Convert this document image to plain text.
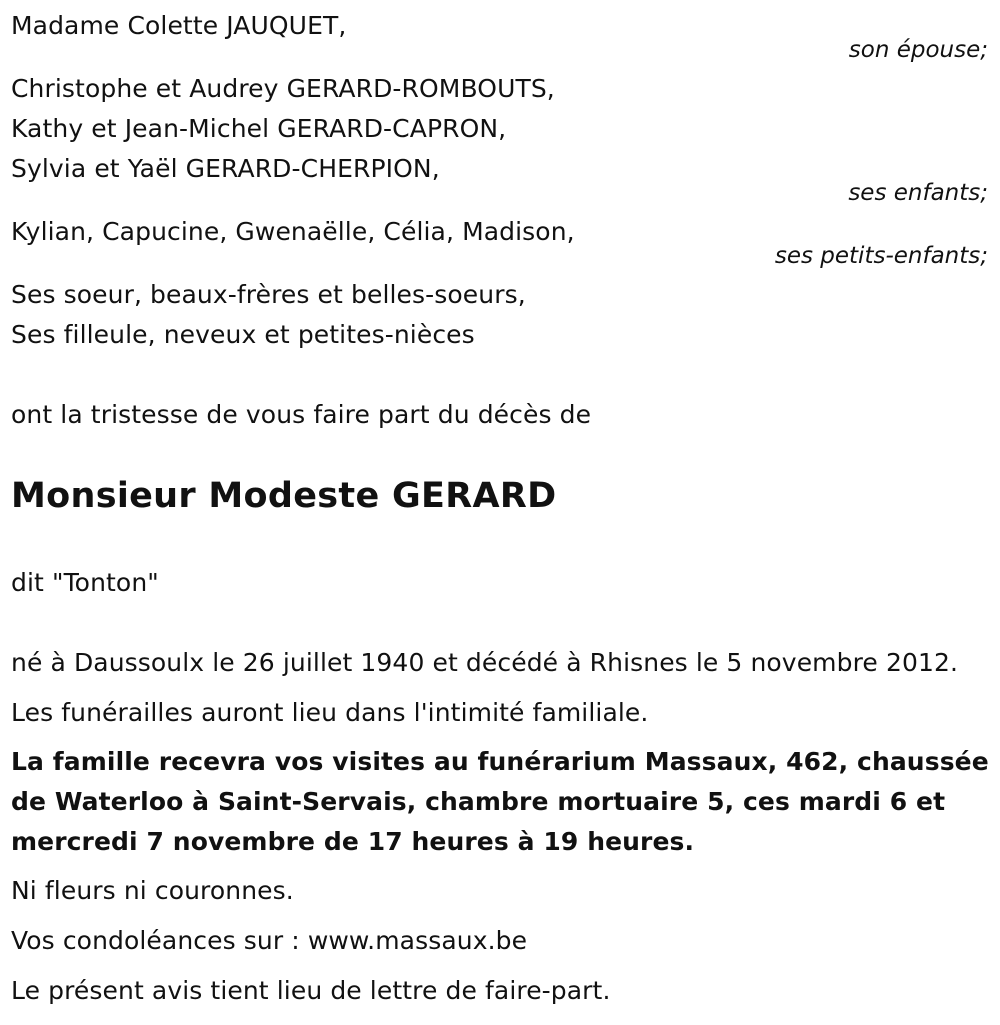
Madame Colette JAUQUET,
son épouse;
Christophe et Audrey GERARD-ROMBOUTS,
Kathy et Jean-Michel GERARD-CAPRON,
Sylvia et Yaël GERARD-CHERPION,
ses enfants;
Kylian, Capucine, Gwenaëlle, Célia, Madison,
ses petits-enfants;
Ses soeur, beaux-frères et belles-soeurs,
Ses filleule, neveux et petites-nièces
ont la tristesse de vous faire part du décès de
Monsieur Modeste GERARD
dit "Tonton"
né à Daussoulx le 26 juillet 1940 et décédé à Rhisnes le 5 novembre 2012.
Les funérailles auront lieu dans l'intimité familiale.
La famille recevra vos visites au funérarium Massaux, 462, chaussée
de Waterloo à Saint-Servais, chambre mortuaire 5, ces mardi 6 et
mercredi 7 novembre de 17 heures à 19 heures.
Ni fleurs ni couronnes.
Vos condoléances sur : www.massaux.be
Le présent avis tient lieu de lettre de faire-part.
